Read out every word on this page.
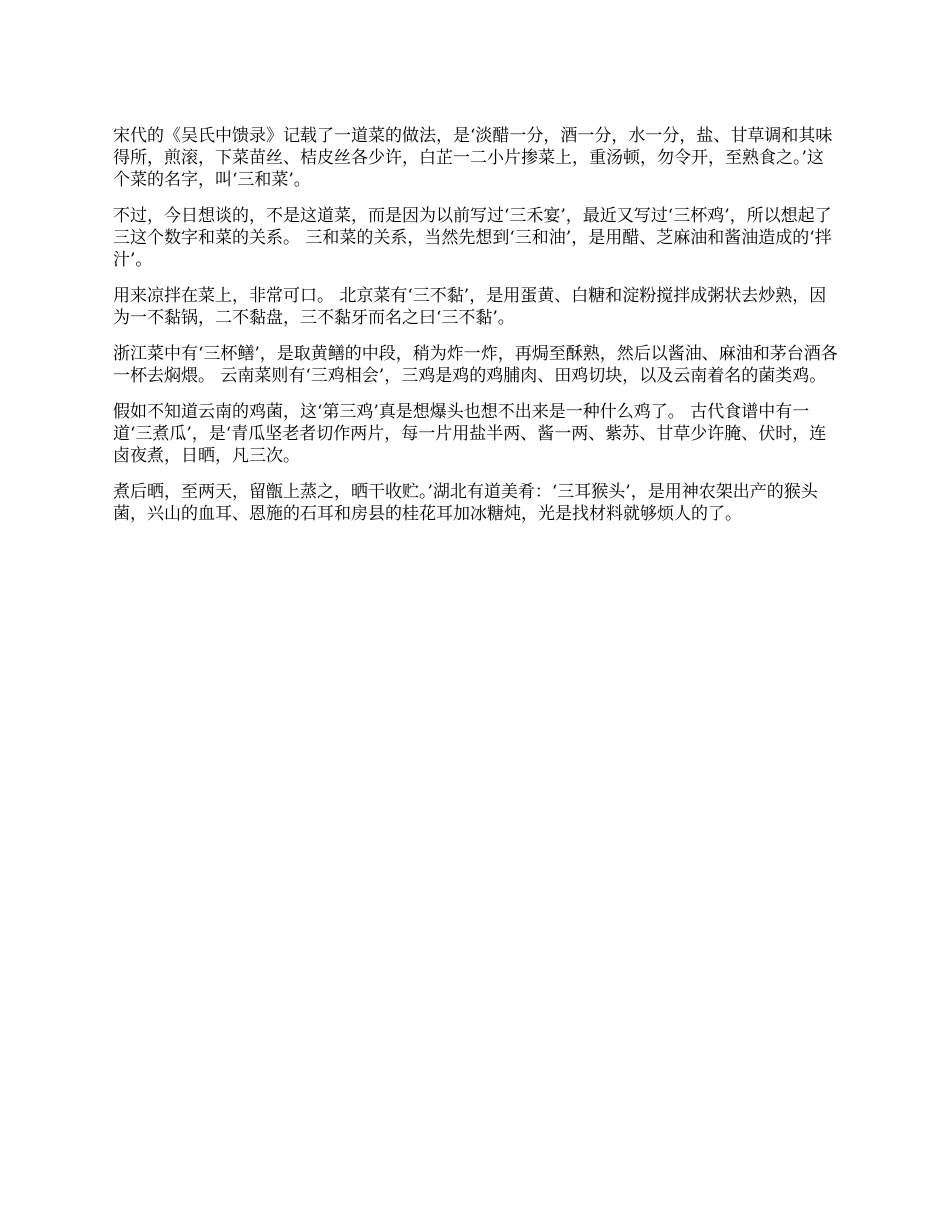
宋代的《吴氏中馈录》记载了一道菜的做法，是‘淡醋一分，酒一分，水一分，盐、甘草调和其味得所，煎滚，下菜苗丝、桔皮丝各少许，白芷一二小片掺菜上，重汤顿，勿令开，至熟食之。’这个菜的名字，叫‘三和菜’。

不过，今日想谈的，不是这道菜，而是因为以前写过‘三禾宴’，最近又写过‘三杯鸡’，所以想起了三这个数字和菜的关系。 三和菜的关系，当然先想到‘三和油’，是用醋、芝麻油和酱油造成的‘拌汁’。

用来凉拌在菜上，非常可口。 北京菜有‘三不黏’，是用蛋黄、白糖和淀粉搅拌成粥状去炒熟，因为一不黏锅，二不黏盘，三不黏牙而名之曰‘三不黏’。

浙江菜中有‘三杯鳝’，是取黄鳝的中段，稍为炸一炸，再焗至酥熟，然后以酱油、麻油和茅台酒各一杯去焖煨。 云南菜则有‘三鸡相会’，三鸡是鸡的鸡脯肉、田鸡切块，以及云南着名的菌类鸡。

假如不知道云南的鸡菌，这‘第三鸡’真是想爆头也想不出来是一种什么鸡了。 古代食谱中有一道‘三煮瓜’，是‘青瓜坚老者切作两片，每一片用盐半两、酱一两、紫苏、甘草少许腌、伏时，连卤夜煮，日晒，凡三次。

煮后晒，至两天，留甑上蒸之，晒干收贮。’湖北有道美肴：‘三耳猴头’，是用神农架出产的猴头菌，兴山的血耳、恩施的石耳和房县的桂花耳加冰糖炖，光是找材料就够烦人的了。
